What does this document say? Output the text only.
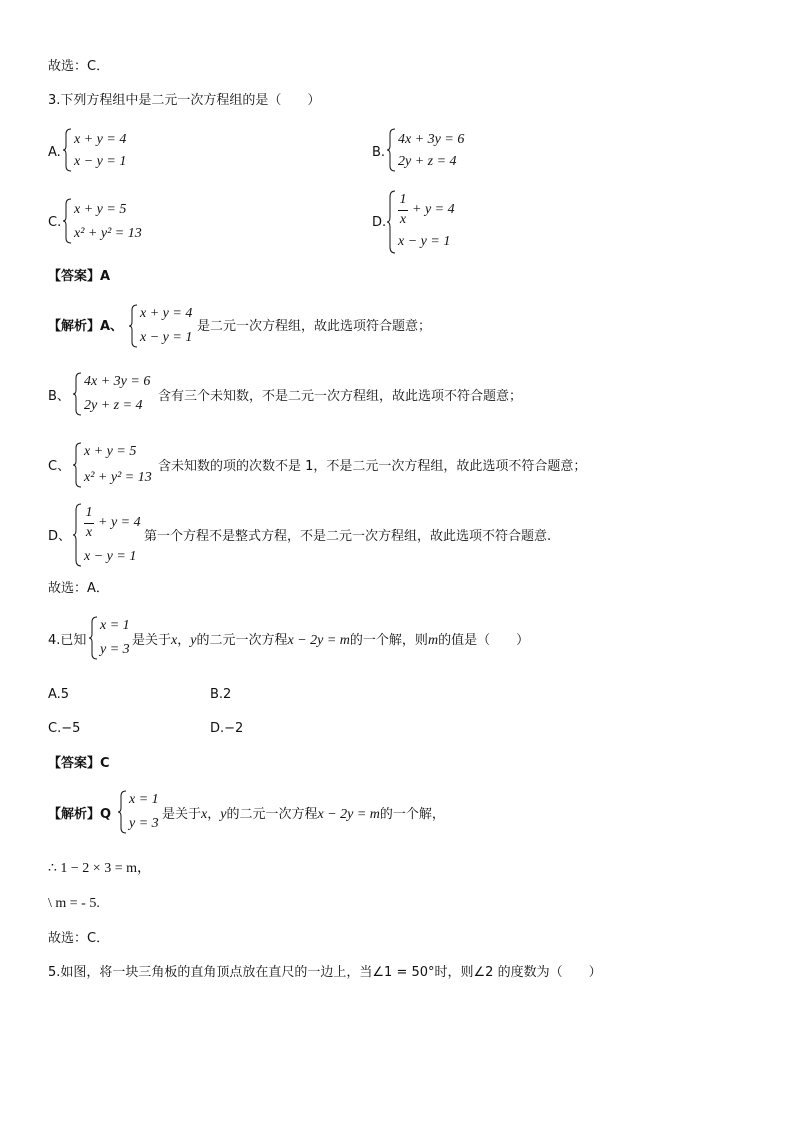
故选：C．
3.下列方程组中是二元一次方程组的是（　　）
A.
x + y = 4
x − y = 1
B.
4x + 3y = 6
2y + z = 4
C.
x + y = 5
x² + y² = 13
D.
1
x
+ y = 4
x − y = 1
【答案】A
【解析】A、
x + y = 4
x − y = 1
是二元一次方程组，故此选项符合题意；
B、
4x + 3y = 6
2y + z = 4
含有三个未知数，不是二元一次方程组，故此选项不符合题意；
C、
x + y = 5
x² + y² = 13
含未知数的项的次数不是 1，不是二元一次方程组，故此选项不符合题意；
D、
1
x
+ y = 4
x − y = 1
第一个方程不是整式方程，不是二元一次方程组，故此选项不符合题意.
故选：A．
4.已知
x = 1
y = 3
是关于x，y的二元一次方程x − 2y = m的一个解，则m的值是（　　）
A.5	B.2
C.−5	D.−2
【答案】C
【解析】Q
x = 1
y = 3
是关于x，y的二元一次方程x − 2y = m的一个解，
∴ 1 − 2 × 3 = m，
\ m = - 5.
故选：C．
5.如图，将一块三角板的直角顶点放在直尺的一边上，当∠1 = 50°时，则∠2 的度数为（　　）
